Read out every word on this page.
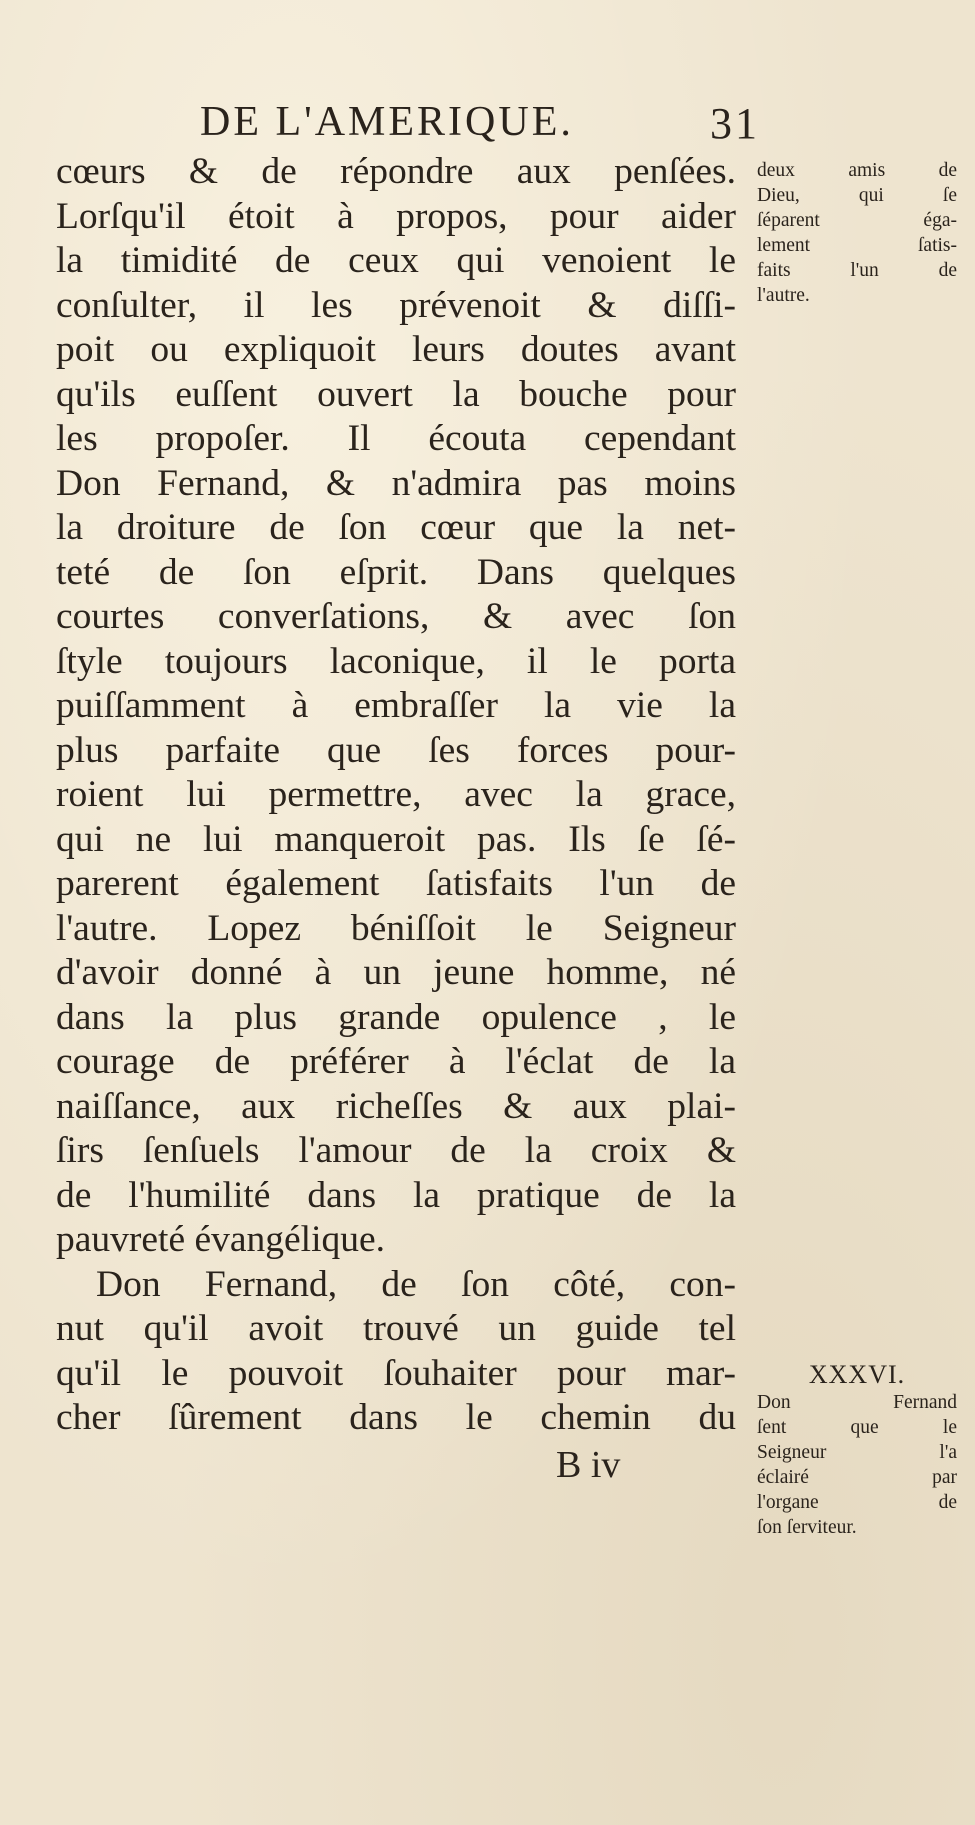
DE L'AMERIQUE.	31
cœurs & de répondre aux penſées.
Lorſqu'il étoit à propos, pour aider
la timidité de ceux qui venoient le
conſulter, il les prévenoit & diſſi-
poit ou expliquoit leurs doutes avant
qu'ils euſſent ouvert la bouche pour
les propoſer. Il écouta cependant
Don Fernand, & n'admira pas moins
la droiture de ſon cœur que la net-
teté de ſon eſprit. Dans quelques
courtes converſations, & avec ſon
ſtyle toujours laconique, il le porta
puiſſamment à embraſſer la vie la
plus parfaite que ſes forces pour-
roient lui permettre, avec la grace,
qui ne lui manqueroit pas. Ils ſe ſé-
parerent également ſatisfaits l'un de
l'autre. Lopez béniſſoit le Seigneur
d'avoir donné à un jeune homme, né
dans la plus grande opulence , le
courage de préférer à l'éclat de la
naiſſance, aux richeſſes & aux plai-
ſirs ſenſuels l'amour de la croix &
de l'humilité dans la pratique de la
pauvreté évangélique.
Don Fernand, de ſon côté, con-
nut qu'il avoit trouvé un guide tel
qu'il le pouvoit ſouhaiter pour mar-
cher ſûrement dans le chemin du
B iv
deux amis de
Dieu, qui ſe
ſéparent éga-
lement ſatis-
faits l'un de
l'autre.
XXXVI.
Don Fernand
ſent que le
Seigneur l'a
éclairé par
l'organe de
ſon ſerviteur.
